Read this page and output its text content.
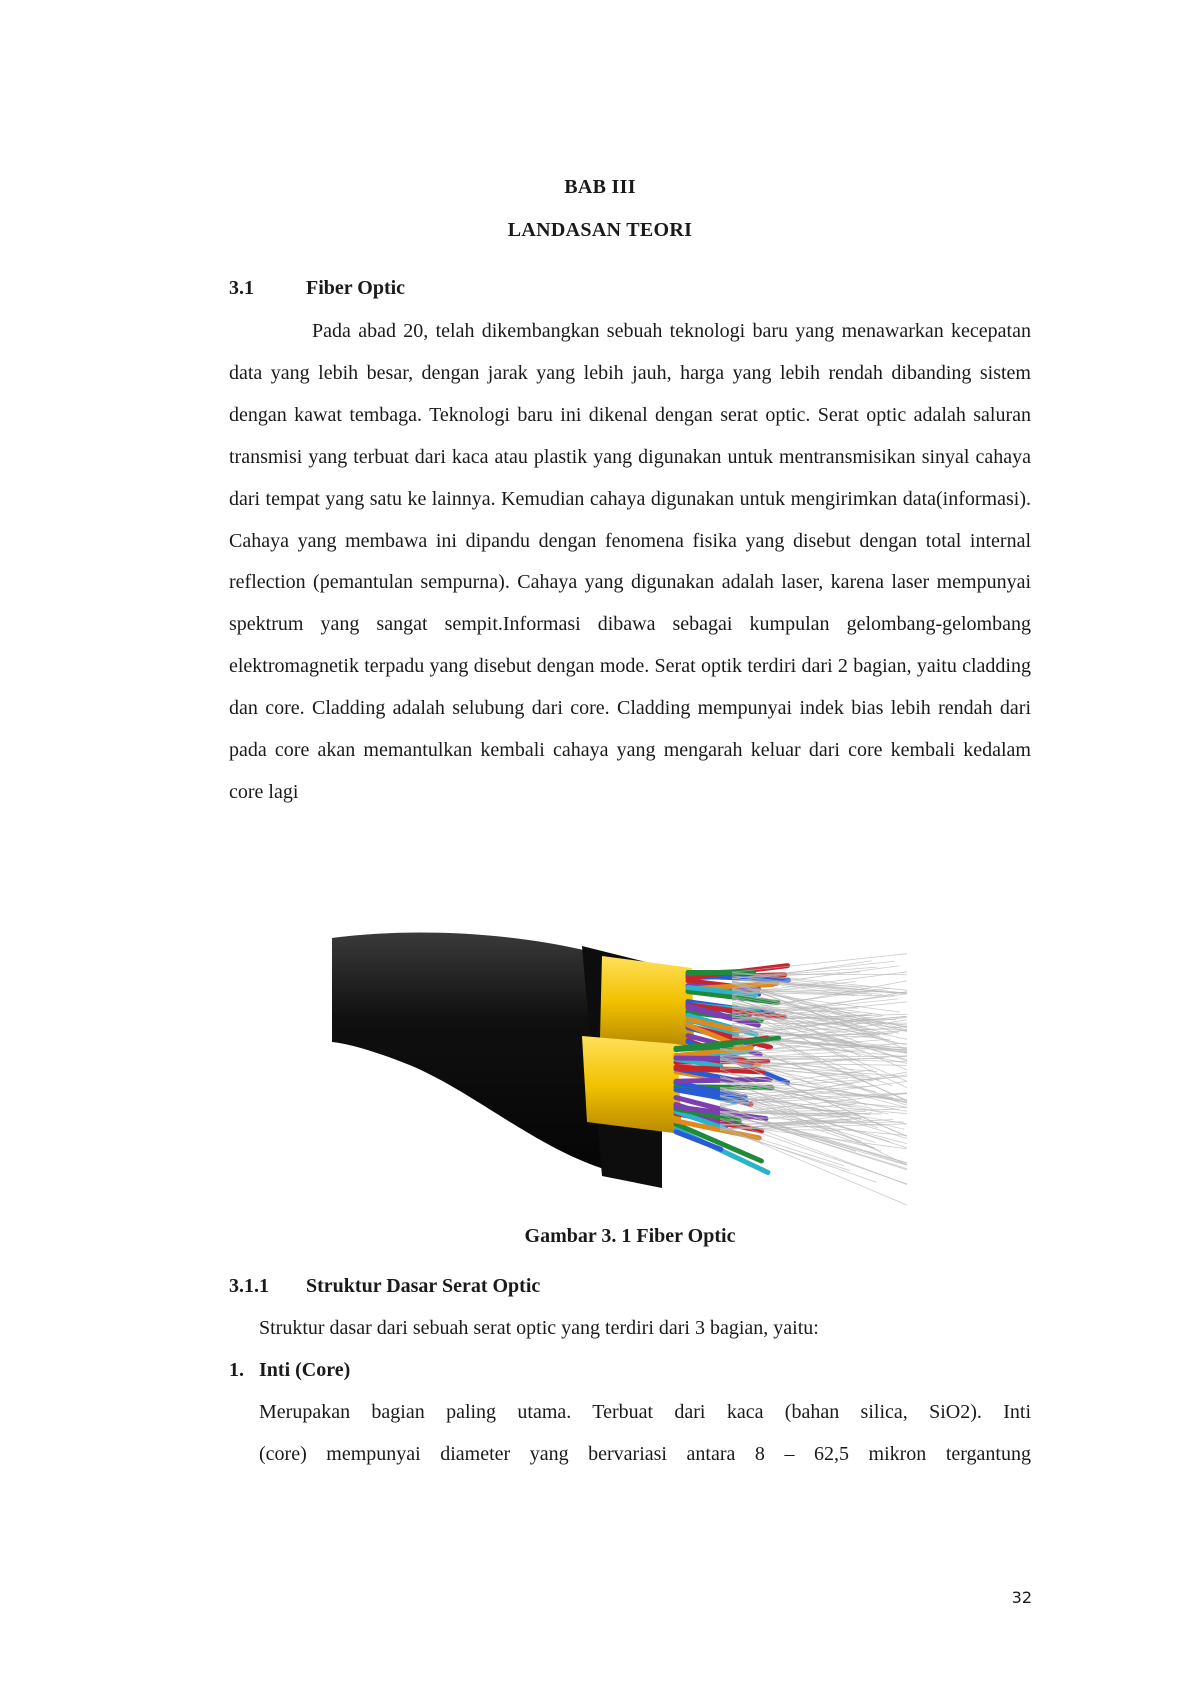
BAB III
LANDASAN TEORI
3.1	Fiber Optic

Pada abad 20, telah dikembangkan sebuah teknologi baru yang menawarkan kecepatan data yang lebih besar, dengan jarak yang lebih jauh, harga yang lebih rendah dibanding sistem dengan kawat tembaga. Teknologi baru ini dikenal dengan serat optic. Serat optic adalah saluran transmisi yang terbuat dari kaca atau plastik yang digunakan untuk mentransmisikan sinyal cahaya dari tempat yang satu ke lainnya. Kemudian cahaya digunakan untuk mengirimkan data(informasi). Cahaya yang membawa ini dipandu dengan fenomena fisika yang disebut dengan total internal reflection (pemantulan sempurna). Cahaya yang digunakan adalah laser, karena laser mempunyai spektrum yang sangat sempit.Informasi dibawa sebagai kumpulan gelombang-gelombang elektromagnetik terpadu yang disebut dengan mode. Serat optik terdiri dari 2 bagian, yaitu cladding dan core. Cladding adalah selubung dari core. Cladding mempunyai indek bias lebih rendah dari pada core akan memantulkan kembali cahaya yang mengarah keluar dari core kembali kedalam core lagi

Gambar 3. 1 Fiber Optic
3.1.1 Struktur Dasar Serat Optic

Struktur dasar dari sebuah serat optic yang terdiri dari 3 bagian, yaitu:

1. Inti (Core)

Merupakan bagian paling utama. Terbuat dari kaca (bahan silica, SiO2). Inti

(core) mempunyai diameter yang bervariasi antara 8 – 62,5 mikron tergantung

32
